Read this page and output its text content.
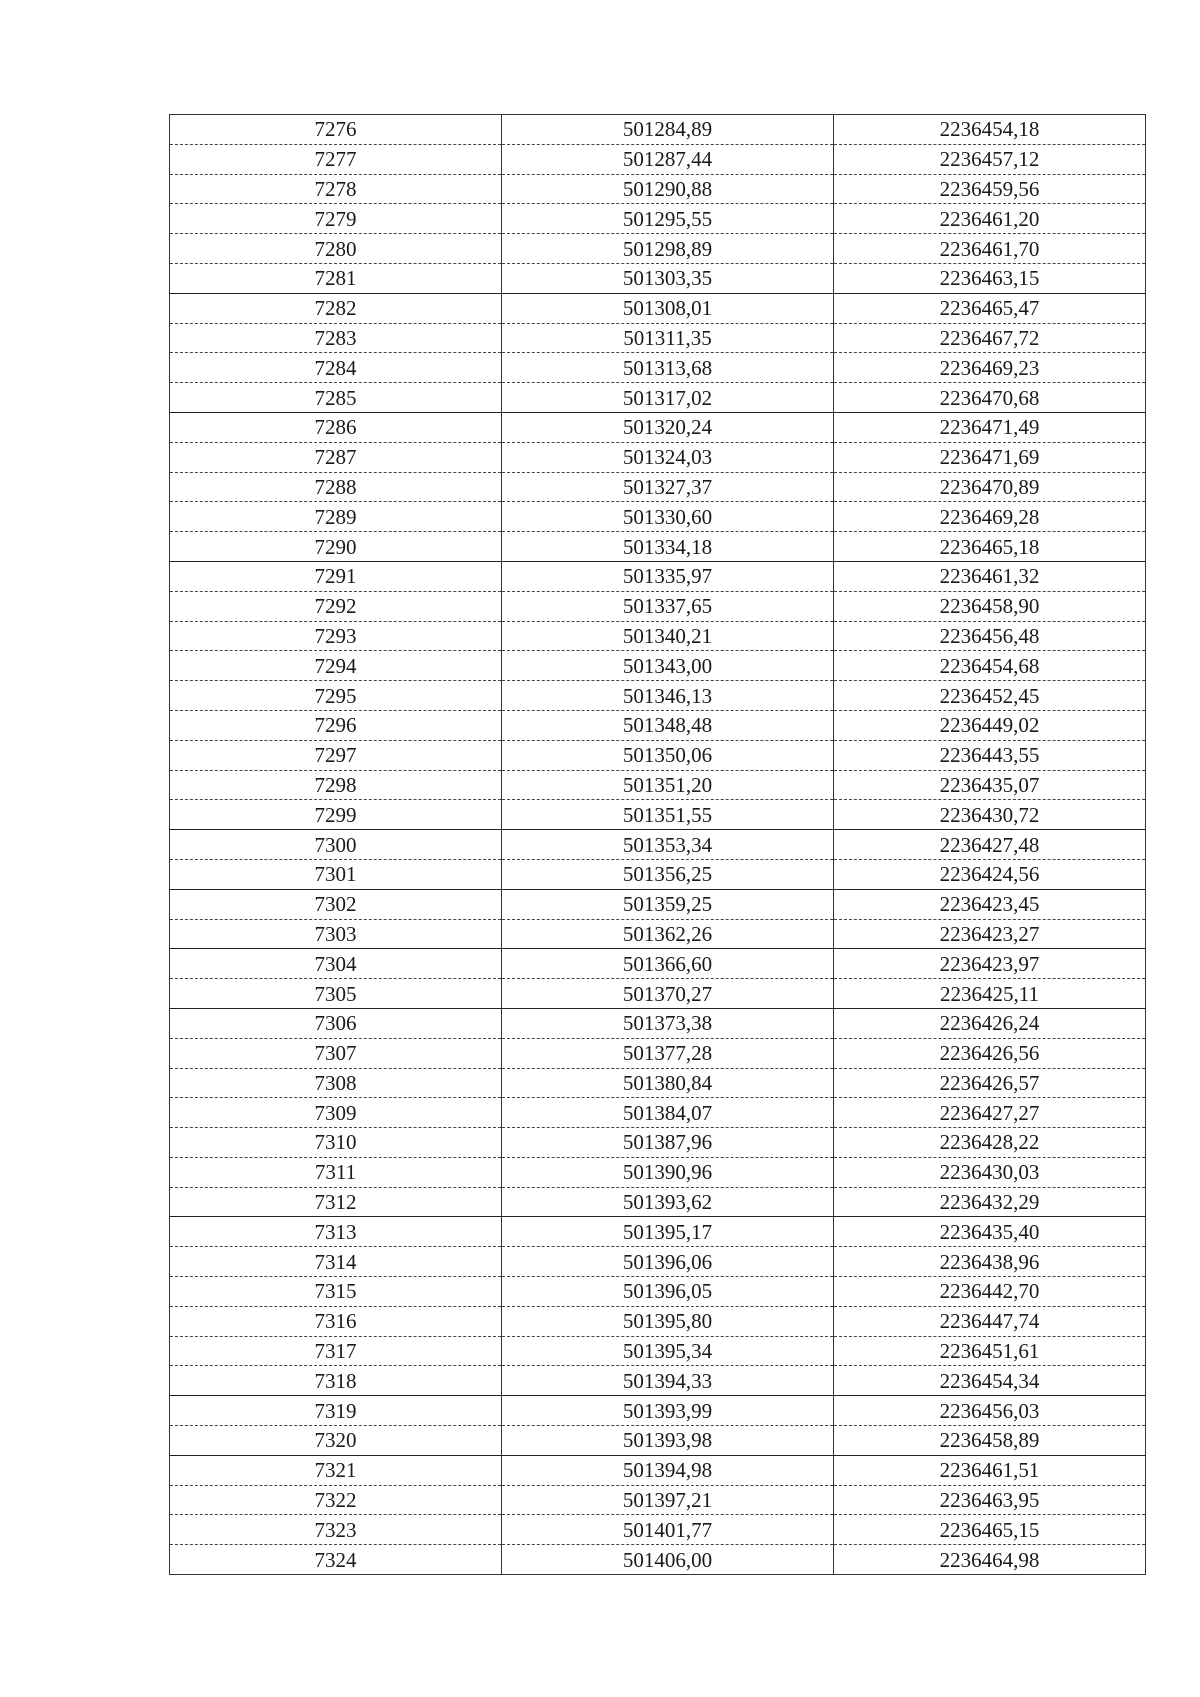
7276	501284,89	2236454,18
7277	501287,44	2236457,12
7278	501290,88	2236459,56
7279	501295,55	2236461,20
7280	501298,89	2236461,70
7281	501303,35	2236463,15
7282	501308,01	2236465,47
7283	501311,35	2236467,72
7284	501313,68	2236469,23
7285	501317,02	2236470,68
7286	501320,24	2236471,49
7287	501324,03	2236471,69
7288	501327,37	2236470,89
7289	501330,60	2236469,28
7290	501334,18	2236465,18
7291	501335,97	2236461,32
7292	501337,65	2236458,90
7293	501340,21	2236456,48
7294	501343,00	2236454,68
7295	501346,13	2236452,45
7296	501348,48	2236449,02
7297	501350,06	2236443,55
7298	501351,20	2236435,07
7299	501351,55	2236430,72
7300	501353,34	2236427,48
7301	501356,25	2236424,56
7302	501359,25	2236423,45
7303	501362,26	2236423,27
7304	501366,60	2236423,97
7305	501370,27	2236425,11
7306	501373,38	2236426,24
7307	501377,28	2236426,56
7308	501380,84	2236426,57
7309	501384,07	2236427,27
7310	501387,96	2236428,22
7311	501390,96	2236430,03
7312	501393,62	2236432,29
7313	501395,17	2236435,40
7314	501396,06	2236438,96
7315	501396,05	2236442,70
7316	501395,80	2236447,74
7317	501395,34	2236451,61
7318	501394,33	2236454,34
7319	501393,99	2236456,03
7320	501393,98	2236458,89
7321	501394,98	2236461,51
7322	501397,21	2236463,95
7323	501401,77	2236465,15
7324	501406,00	2236464,98
